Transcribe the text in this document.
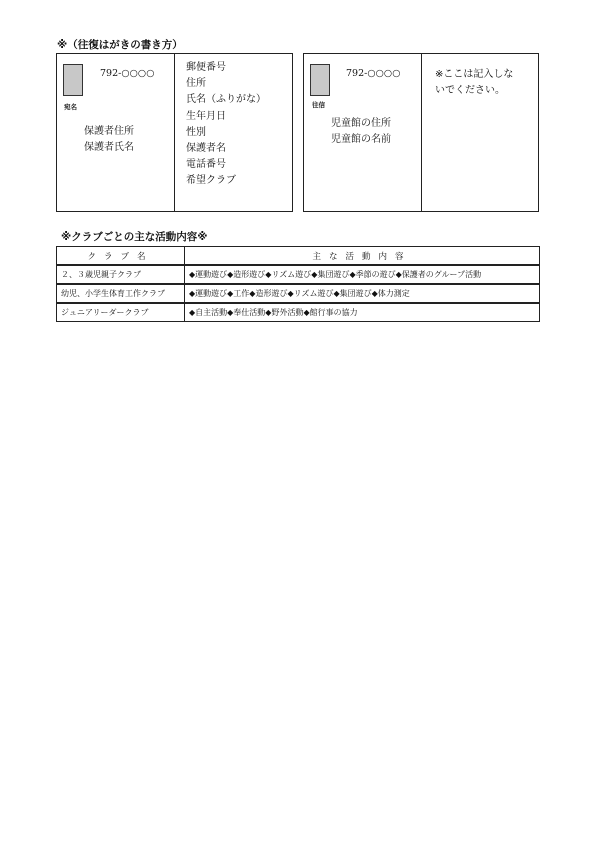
※（往復はがきの書き方）
宛名
792-○○○○
保護者住所
保護者氏名
郵便番号
住所
氏名（ふりがな）
生年月日
性別
保護者名
電話番号
希望クラブ
往信
792-○○○○
児童館の住所
児童館の名前
※ここは記入しな
いでください。
※クラブごとの主な活動内容※
クラブ名	主な活動内容
２、３歳児親子クラブ	◆運動遊び◆造形遊び◆リズム遊び◆集団遊び◆季節の遊び◆保護者のグループ活動
幼児、小学生体育工作クラブ	◆運動遊び◆工作◆造形遊び◆リズム遊び◆集団遊び◆体力測定
ジュニアリーダークラブ	◆自主活動◆奉仕活動◆野外活動◆館行事の協力
